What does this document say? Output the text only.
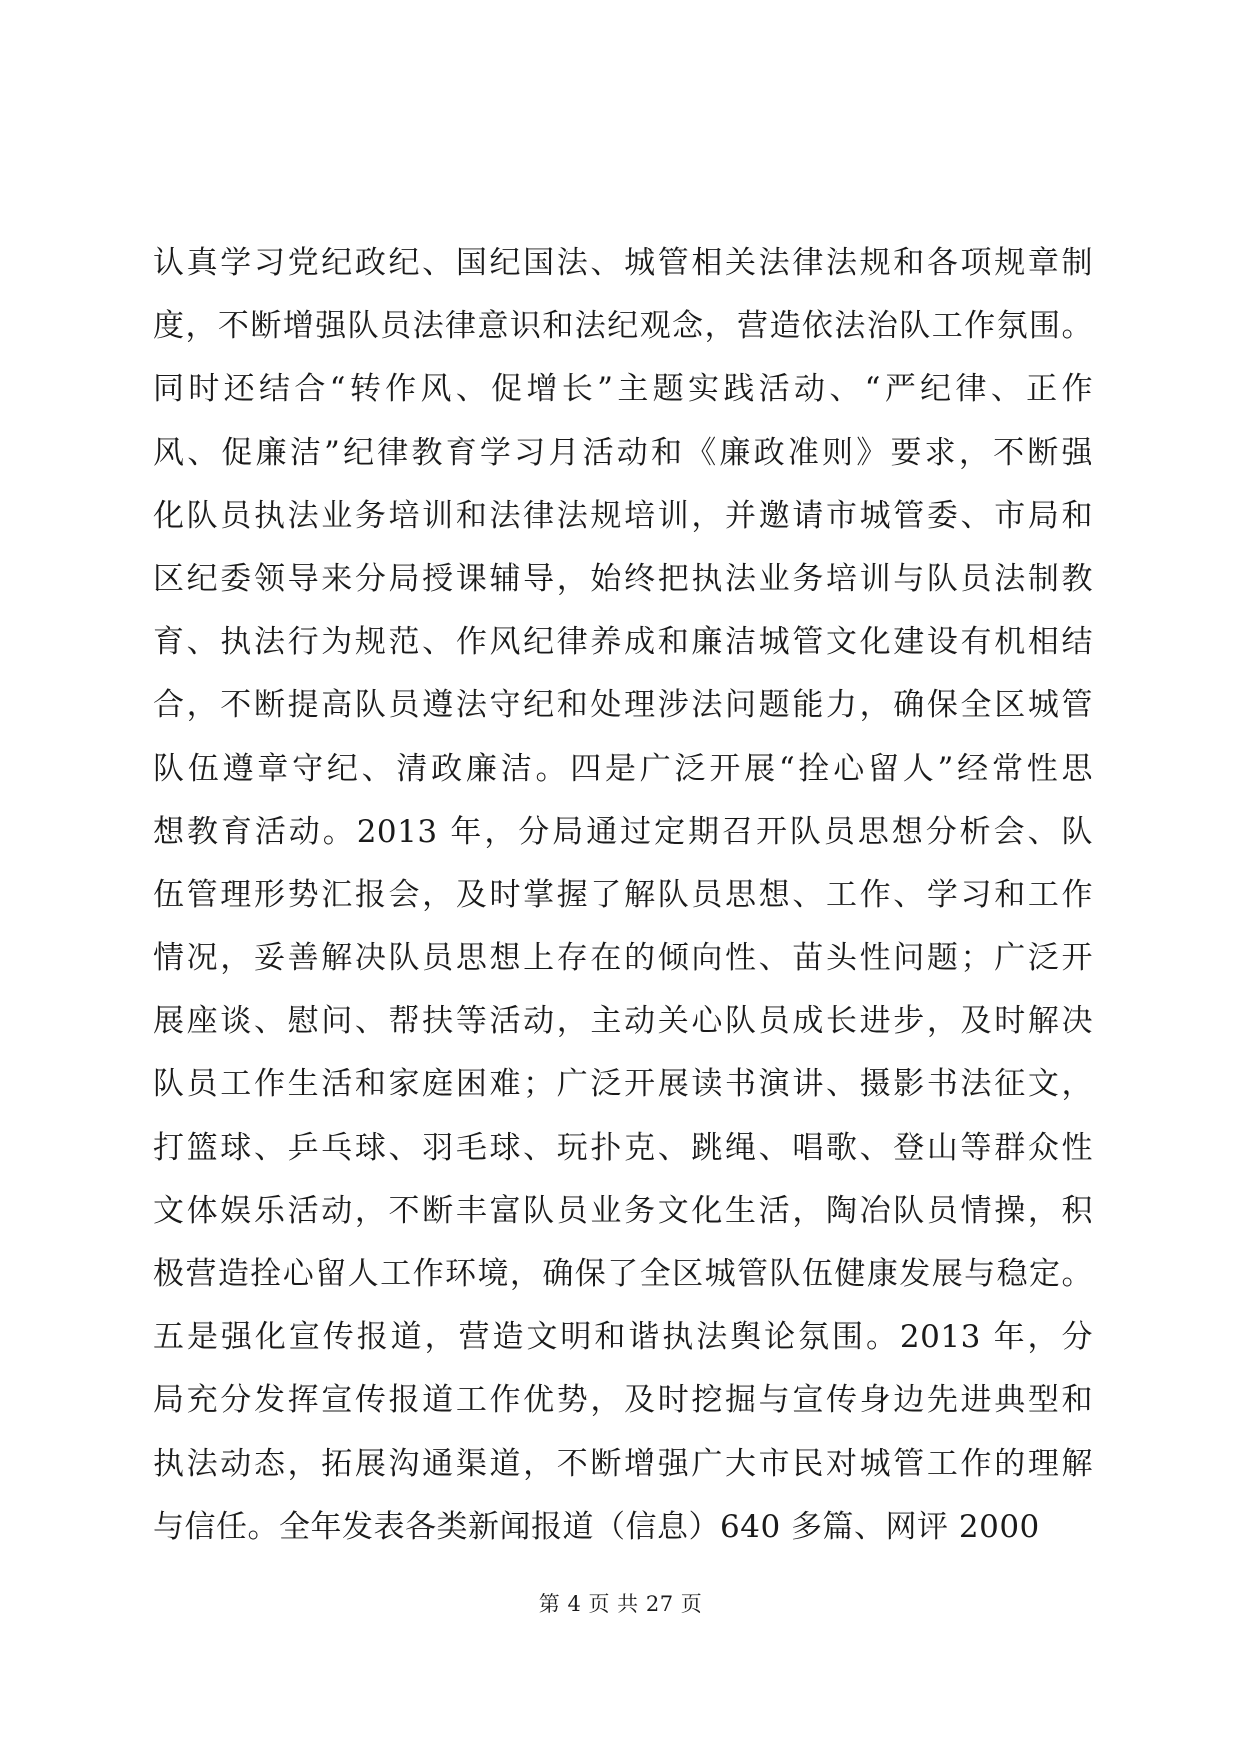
认真学习党纪政纪、国纪国法、城管相关法律法规和各项规章制
度，不断增强队员法律意识和法纪观念，营造依法治队工作氛围。
同时还结合“转作风、促增长”主题实践活动、“严纪律、正作
风、促廉洁”纪律教育学习月活动和《廉政准则》要求，不断强
化队员执法业务培训和法律法规培训，并邀请市城管委、市局和
区纪委领导来分局授课辅导，始终把执法业务培训与队员法制教
育、执法行为规范、作风纪律养成和廉洁城管文化建设有机相结
合，不断提高队员遵法守纪和处理涉法问题能力，确保全区城管
队伍遵章守纪、清政廉洁。四是广泛开展“拴心留人”经常性思
想教育活动。2013 年，分局通过定期召开队员思想分析会、队
伍管理形势汇报会，及时掌握了解队员思想、工作、学习和工作
情况，妥善解决队员思想上存在的倾向性、苗头性问题；广泛开
展座谈、慰问、帮扶等活动，主动关心队员成长进步，及时解决
队员工作生活和家庭困难；广泛开展读书演讲、摄影书法征文，
打篮球、乒乓球、羽毛球、玩扑克、跳绳、唱歌、登山等群众性
文体娱乐活动，不断丰富队员业务文化生活，陶冶队员情操，积
极营造拴心留人工作环境，确保了全区城管队伍健康发展与稳定。
五是强化宣传报道，营造文明和谐执法舆论氛围。2013 年，分
局充分发挥宣传报道工作优势，及时挖掘与宣传身边先进典型和
执法动态，拓展沟通渠道，不断增强广大市民对城管工作的理解
与信任。全年发表各类新闻报道（信息）640 多篇、网评 2000
第 4 页 共 27 页
